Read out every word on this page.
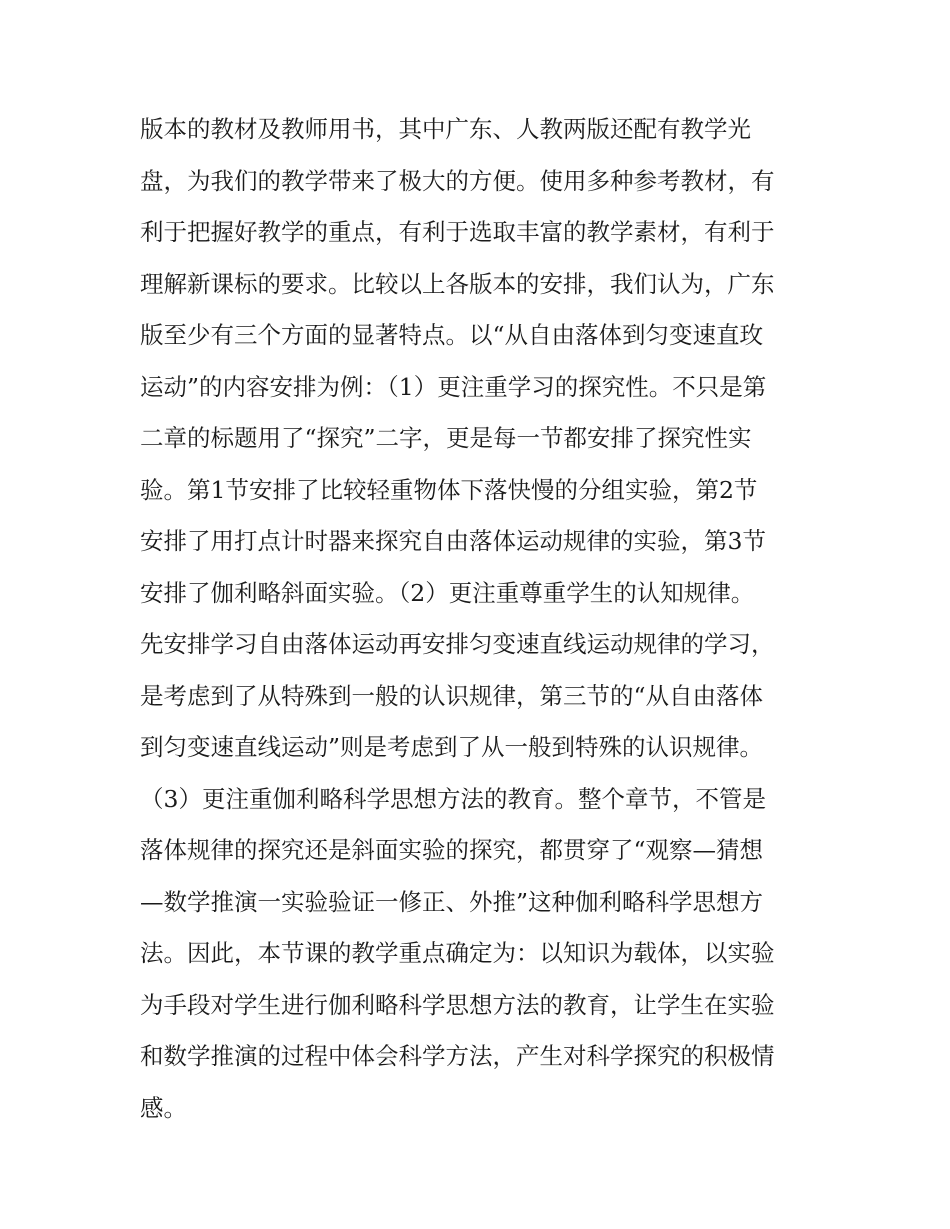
版本的教材及教师用书，其中广东、人教两版还配有教学光
盘，为我们的教学带来了极大的方便。使用多种参考教材，有
利于把握好教学的重点，有利于选取丰富的教学素材，有利于
理解新课标的要求。比较以上各版本的安排，我们认为，广东
版至少有三个方面的显著特点。以“从自由落体到匀变速直玫
运动”的内容安排为例：（1）更注重学习的探究性。不只是第
二章的标题用了“探究”二字，更是每一节都安排了探究性实
验。第1节安排了比较轻重物体下落快慢的分组实验，第2节
安排了用打点计时器来探究自由落体运动规律的实验，第3节
安排了伽利略斜面实验。（2）更注重尊重学生的认知规律。
先安排学习自由落体运动再安排匀变速直线运动规律的学习，
是考虑到了从特殊到一般的认识规律，第三节的“从自由落体
到匀变速直线运动”则是考虑到了从一般到特殊的认识规律。
（3）更注重伽利略科学思想方法的教育。整个章节，不管是
落体规律的探究还是斜面实验的探究，都贯穿了“观察—猜想
—数学推演一实验验证一修正、外推”这种伽利略科学思想方
法。因此，本节课的教学重点确定为：以知识为载体，以实验
为手段对学生进行伽利略科学思想方法的教育，让学生在实验
和数学推演的过程中体会科学方法，产生对科学探究的积极情
感。
